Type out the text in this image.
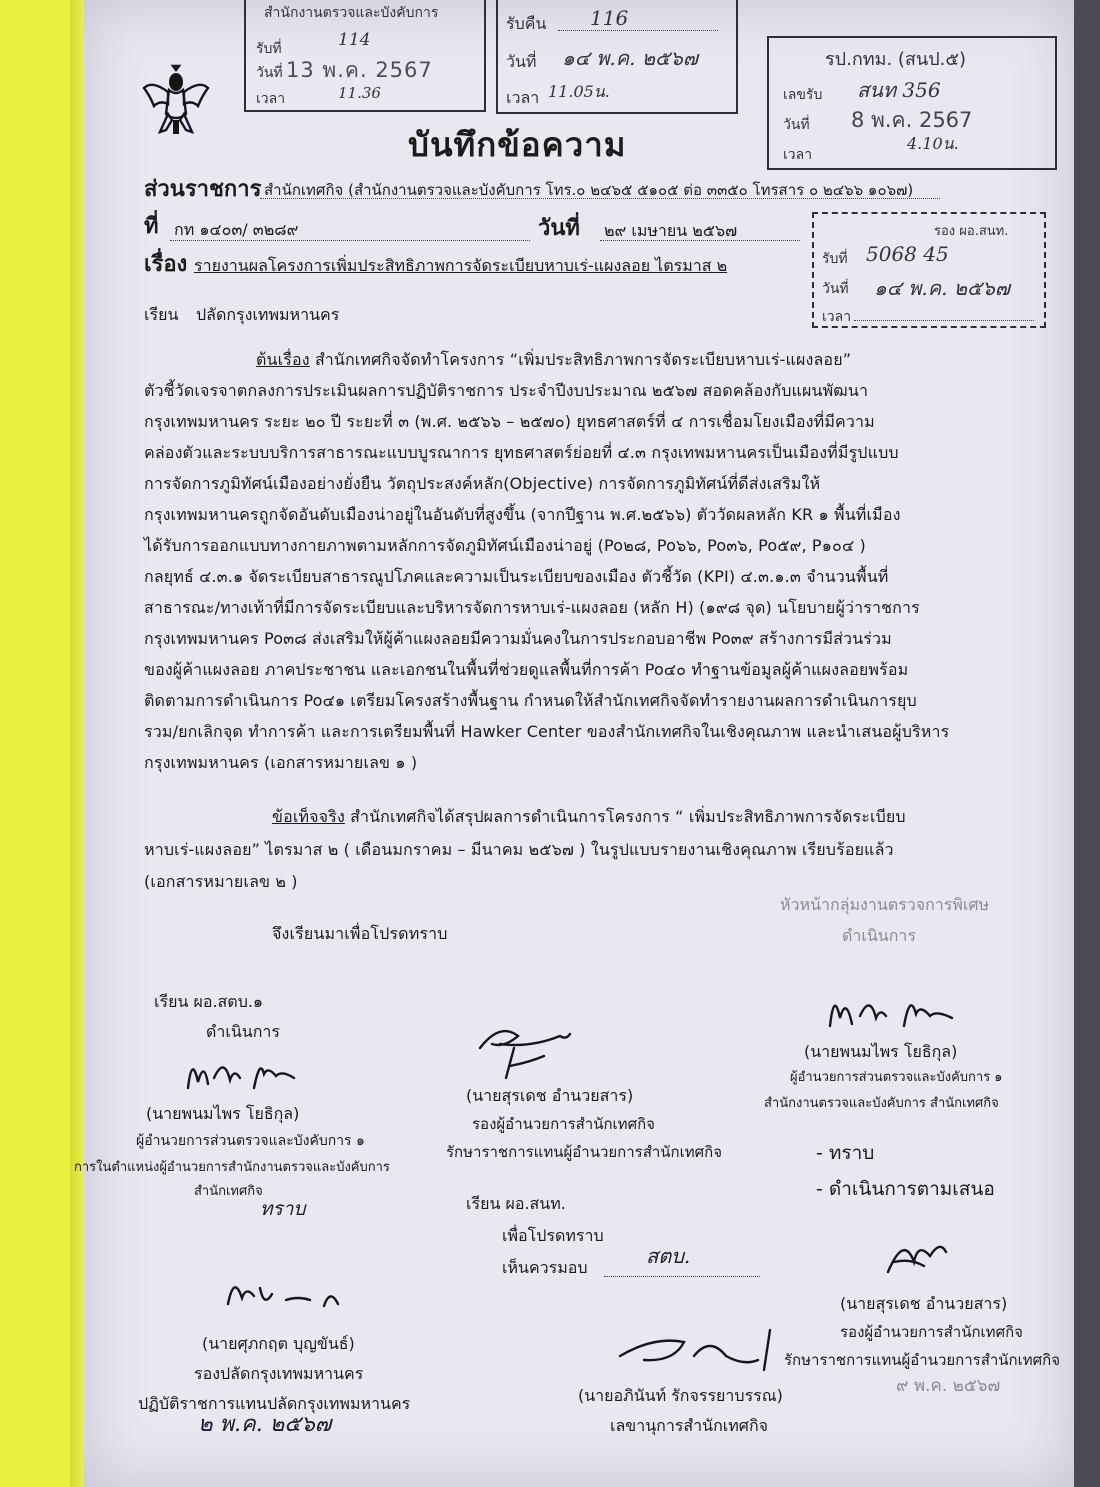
สำนักงานตรวจและบังคับการ
รับที่	114
วันที่ 13 พ.ค. 2567
เวลา	11.36
รับคืน 116
วันที่ ๑๔ พ.ค. ๒๕๖๗
เวลา 11.05น.
รป.กทม. (สนป.๕)
เลขรับ สนท 356
วันที่ 8 พ.ค. 2567
เวลา
4.10น.
บันทึกข้อความ
ส่วนราชการ สำนักเทศกิจ (สำนักงานตรวจและบังคับการ โทร.๐ ๒๔๖๕ ๕๑๐๕ ต่อ ๓๓๕๐ โทรสาร ๐ ๒๔๖๖ ๑๐๖๗)
ที่ กท ๑๔๐๓/ ๓๒๘๙	วันที่ ๒๙ เมษายน ๒๕๖๗
เรื่อง รายงานผลโครงการเพิ่มประสิทธิภาพการจัดระเบียบหาบเร่-แผงลอย ไตรมาส ๒
รอง ผอ.สนท.
รับที่ 5068 45
วันที่ ๑๔ พ.ค. ๒๕๖๗
เวลา
เรียน ปลัดกรุงเทพมหานคร
ต้นเรื่อง สำนักเทศกิจจัดทำโครงการ “เพิ่มประสิทธิภาพการจัดระเบียบหาบเร่-แผงลอย”
ตัวชี้วัดเจรจาตกลงการประเมินผลการปฏิบัติราชการ ประจำปีงบประมาณ ๒๕๖๗ สอดคล้องกับแผนพัฒนา
กรุงเทพมหานคร ระยะ ๒๐ ปี ระยะที่ ๓ (พ.ศ. ๒๕๖๖ – ๒๕๗๐) ยุทธศาสตร์ที่ ๔ การเชื่อมโยงเมืองที่มีความ
คล่องตัวและระบบบริการสาธารณะแบบบูรณาการ ยุทธศาสตร์ย่อยที่ ๔.๓ กรุงเทพมหานครเป็นเมืองที่มีรูปแบบ
การจัดการภูมิทัศน์เมืองอย่างยั่งยืน วัตถุประสงค์หลัก(Objective) การจัดการภูมิทัศน์ที่ดีส่งเสริมให้
กรุงเทพมหานครถูกจัดอันดับเมืองน่าอยู่ในอันดับที่สูงขึ้น (จากปีฐาน พ.ศ.๒๕๖๖) ตัววัดผลหลัก KR ๑ พื้นที่เมือง
ได้รับการออกแบบทางกายภาพตามหลักการจัดภูมิทัศน์เมืองน่าอยู่ (Po๒๘, Po๖๖, Po๓๖, Po๕๙, P๑๐๔ )
กลยุทธ์ ๔.๓.๑ จัดระเบียบสาธารณูปโภคและความเป็นระเบียบของเมือง ตัวชี้วัด (KPI) ๔.๓.๑.๓ จำนวนพื้นที่
สาธารณะ/ทางเท้าที่มีการจัดระเบียบและบริหารจัดการหาบเร่-แผงลอย (หลัก H) (๑๙๘ จุด) นโยบายผู้ว่าราชการ
กรุงเทพมหานคร Po๓๘ ส่งเสริมให้ผู้ค้าแผงลอยมีความมั่นคงในการประกอบอาชีพ Po๓๙ สร้างการมีส่วนร่วม
ของผู้ค้าแผงลอย ภาคประชาชน และเอกชนในพื้นที่ช่วยดูแลพื้นที่การค้า Po๔๐ ทำฐานข้อมูลผู้ค้าแผงลอยพร้อม
ติดตามการดำเนินการ Po๔๑ เตรียมโครงสร้างพื้นฐาน กำหนดให้สำนักเทศกิจจัดทำรายงานผลการดำเนินการยุบ
รวม/ยกเลิกจุด ทำการค้า และการเตรียมพื้นที่ Hawker Center ของสำนักเทศกิจในเชิงคุณภาพ และนำเสนอผู้บริหาร
กรุงเทพมหานคร (เอกสารหมายเลข ๑ )
ข้อเท็จจริง สำนักเทศกิจได้สรุปผลการดำเนินการโครงการ “ เพิ่มประสิทธิภาพการจัดระเบียบ
หาบเร่-แผงลอย” ไตรมาส ๒ ( เดือนมกราคม – มีนาคม ๒๕๖๗ ) ในรูปแบบรายงานเชิงคุณภาพ เรียบร้อยแล้ว
(เอกสารหมายเลข ๒ )
หัวหน้ากลุ่มงานตรวจการพิเศษ
ดำเนินการ
จึงเรียนมาเพื่อโปรดทราบ
เรียน ผอ.สตบ.๑
ดำเนินการ
(นายพนมไพร โยธิกุล)
ผู้อำนวยการส่วนตรวจและบังคับการ ๑
การในตำแหน่งผู้อำนวยการสำนักงานตรวจและบังคับการ
สำนักเทศกิจ
ทราบ
(นายสุรเดช อำนวยสาร)
รองผู้อำนวยการสำนักเทศกิจ
รักษาราชการแทนผู้อำนวยการสำนักเทศกิจ
(นายพนมไพร โยธิกุล)
ผู้อำนวยการส่วนตรวจและบังคับการ ๑
สำนักงานตรวจและบังคับการ สำนักเทศกิจ
- ทราบ
- ดำเนินการตามเสนอ
เรียน ผอ.สนท.
เพื่อโปรดทราบ
เห็นควรมอบ	สตบ.
(นายสุรเดช อำนวยสาร)
รองผู้อำนวยการสำนักเทศกิจ
รักษาราชการแทนผู้อำนวยการสำนักเทศกิจ
๙ พ.ค. ๒๕๖๗
(นายศุภกฤต บุญขันธ์)
รองปลัดกรุงเทพมหานคร
ปฏิบัติราชการแทนปลัดกรุงเทพมหานคร
๒ พ.ค. ๒๕๖๗
(นายอภินันท์ รักจรรยาบรรณ)
เลขานุการสำนักเทศกิจ
